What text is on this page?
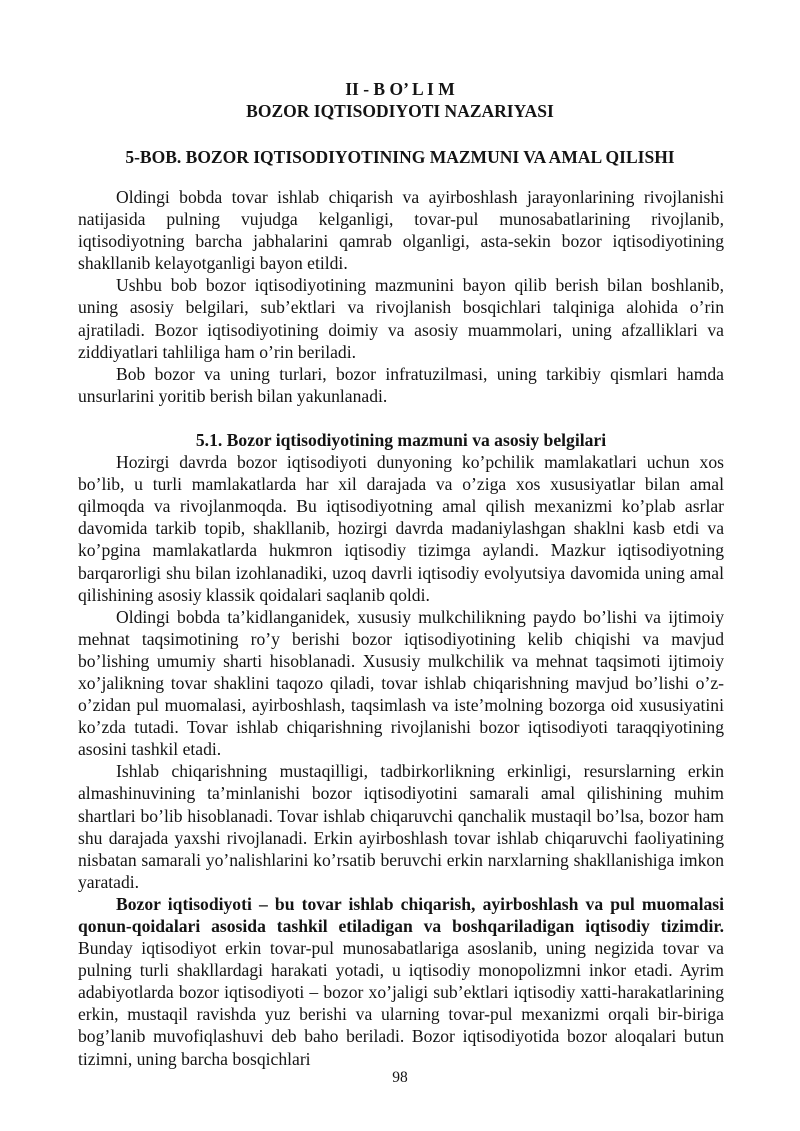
II - B O’ L I M
BOZOR IQTISODIYOTI NAZARIYASI
5-BOB. BOZOR IQTISODIYOTINING MAZMUNI VA AMAL QILISHI

Oldingi bobda tovar ishlab chiqarish va ayirboshlash jarayonlarining rivojlanishi natijasida pulning vujudga kelganligi, tovar-pul munosabatlarining rivojlanib, iqtisodiyotning barcha jabhalarini qamrab olganligi, asta-sekin bozor iqtisodiyotining shakllanib kelayotganligi bayon etildi.

Ushbu bob bozor iqtisodiyotining mazmunini bayon qilib berish bilan boshlanib, uning asosiy belgilari, sub’ektlari va rivojlanish bosqichlari talqiniga alohida o’rin ajratiladi. Bozor iqtisodiyotining doimiy va asosiy muammolari, uning afzalliklari va ziddiyatlari tahliliga ham o’rin beriladi.

Bob bozor va uning turlari, bozor infratuzilmasi, uning tarkibiy qismlari hamda unsurlarini yoritib berish bilan yakunlanadi.

5.1. Bozor iqtisodiyotining mazmuni va asosiy belgilari

Hozirgi davrda bozor iqtisodiyoti dunyoning ko’pchilik mamlakatlari uchun xos bo’lib, u turli mamlakatlarda har xil darajada va o’ziga xos xususiyatlar bilan amal qilmoqda va rivojlanmoqda. Bu iqtisodiyotning amal qilish mexanizmi ko’plab asrlar davomida tarkib topib, shakllanib, hozirgi davrda madaniylashgan shaklni kasb etdi va ko’pgina mamlakatlarda hukmron iqtisodiy tizimga aylandi. Mazkur iqtisodiyotning barqarorligi shu bilan izohlanadiki, uzoq davrli iqtisodiy evolyutsiya davomida uning amal qilishining asosiy klassik qoidalari saqlanib qoldi.

Oldingi bobda ta’kidlanganidek, xususiy mulkchilikning paydo bo’lishi va ijtimoiy mehnat taqsimotining ro’y berishi bozor iqtisodiyotining kelib chiqishi va mavjud bo’lishing umumiy sharti hisoblanadi. Xususiy mulkchilik va mehnat taqsimoti ijtimoiy xo’jalikning tovar shaklini taqozo qiladi, tovar ishlab chiqarishning mavjud bo’lishi o’z-o’zidan pul muomalasi, ayirboshlash, taqsimlash va iste’molning bozorga oid xususiyatini ko’zda tutadi. Tovar ishlab chiqarishning rivojlanishi bozor iqtisodiyoti taraqqiyotining asosini tashkil etadi.

Ishlab chiqarishning mustaqilligi, tadbirkorlikning erkinligi, resurslarning erkin almashinuvining ta’minlanishi bozor iqtisodiyotini samarali amal qilishining muhim shartlari bo’lib hisoblanadi. Tovar ishlab chiqaruvchi qanchalik mustaqil bo’lsa, bozor ham shu darajada yaxshi rivojlanadi. Erkin ayirboshlash tovar ishlab chiqaruvchi faoliyatining nisbatan samarali yo’nalishlarini ko’rsatib beruvchi erkin narxlarning shakllanishiga imkon yaratadi.

Bozor iqtisodiyoti – bu tovar ishlab chiqarish, ayirboshlash va pul muomalasi qonun-qoidalari asosida tashkil etiladigan va boshqariladigan iqtisodiy tizimdir. Bunday iqtisodiyot erkin tovar-pul munosabatlariga asoslanib, uning negizida tovar va pulning turli shakllardagi harakati yotadi, u iqtisodiy monopolizmni inkor etadi. Ayrim adabiyotlarda bozor iqtisodiyoti – bozor xo’jaligi sub’ektlari iqtisodiy xatti-harakatlarining erkin, mustaqil ravishda yuz berishi va ularning tovar-pul mexanizmi orqali bir-biriga bog’lanib muvofiqlashuvi deb baho beriladi. Bozor iqtisodiyotida bozor aloqalari butun tizimni, uning barcha bosqichlari

98
